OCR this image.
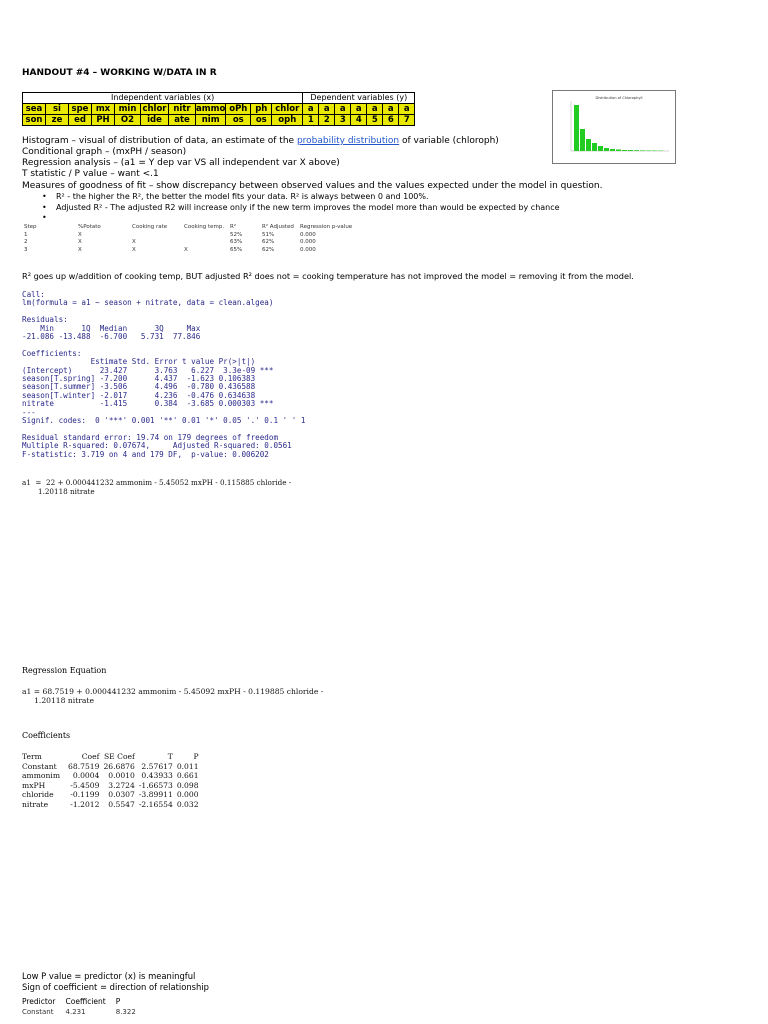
HANDOUT #4 – WORKING W/DATA IN R
Independent variables (x)											Dependent variables (y)						
sea	si	spe	mx	min	chlor	nitr	ammo	oPh	ph	chlor	a	a	a	a	a	a	a
son	ze	ed	PH	O2	ide	ate	nim	os	os	oph	1	2	3	4	5	6	7
Distribution of Chlorophyll
Histogram – visual of distribution of data, an estimate of the probability distribution of variable (chloroph)
Conditional graph – (mxPH / season)
Regression analysis – (a1 = Y dep var VS all independent var X above)
T statistic / P value – want <.1
Measures of goodness of fit – show discrepancy between observed values and the values expected under the model in question.
• R² - the higher the R², the better the model fits your data. R² is always between 0 and 100%.
• Adjusted R² - The adjusted R2 will increase only if the new term improves the model more than would be expected by chance
•
Step	%Potato	Cooking rate	Cooking temp.	R²	R² Adjusted	Regression p-value
1	X			52%	51%	0.000
2	X	X		63%	62%	0.000
3	X	X	X	65%	62%	0.000
R² goes up w/addition of cooking temp, BUT adjusted R² does not = cooking temperature has not improved the model = removing it from the model.
Call:
lm(formula = a1 ~ season + nitrate, data = clean.algea)

Residuals:
Min      1Q  Median      3Q     Max
-21.086 -13.488  -6.700   5.731  77.846

Coefficients:
Estimate Std. Error t value Pr(>|t|)
(Intercept)      23.427      3.763   6.227  3.3e-09 ***
season[T.spring] -7.200      4.437  -1.623 0.106383
season[T.summer] -3.506      4.496  -0.780 0.436588
season[T.winter] -2.017      4.236  -0.476 0.634638
nitrate          -1.415      0.384  -3.685 0.000303 ***
---
Signif. codes:  0 '***' 0.001 '**' 0.01 '*' 0.05 '.' 0.1 ' ' 1

Residual standard error: 19.74 on 179 degrees of freedom
Multiple R-squared: 0.07674,     Adjusted R-squared: 0.0561
F-statistic: 3.719 on 4 and 179 DF,  p-value: 0.006202
a1  =  22 + 0.000441232 ammonim - 5.45052 mxPH - 0.115885 chloride -
1.20118 nitrate
Regression Equation
a1 = 68.7519 + 0.000441232 ammonim - 5.45092 mxPH - 0.119885 chloride -
1.20118 nitrate
Coefficients
Term	Coef	SE Coef	T	P
Constant	68.7519	26.6876	2.57617	0.011
ammonim	0.0004	0.0010	0.43933	0.661
mxPH	-5.4509	3.2724	-1.66573	0.098
chloride	-0.1199	0.0307	-3.89911	0.000
nitrate	-1.2012	0.5547	-2.16554	0.032
Low P value = predictor (x) is meaningful
Sign of coefficient = direction of relationship
Predictor	Coefficient	P
Constant	4.231	8.322
